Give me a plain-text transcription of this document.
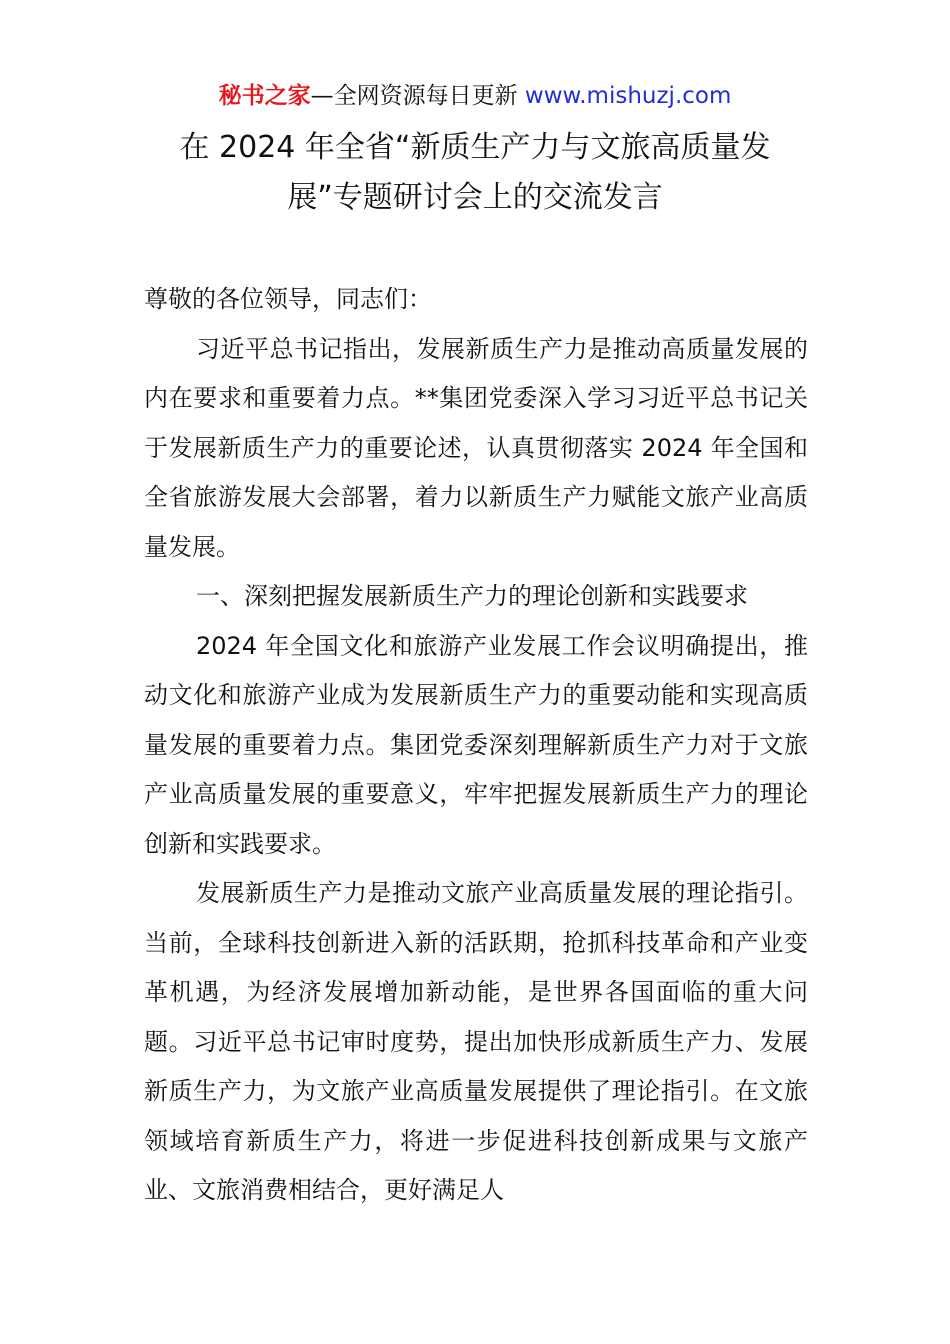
秘书之家—全网资源每日更新 www.mishuzj.com
在 2024 年全省“新质生产力与文旅高质量发
展”专题研讨会上的交流发言

尊敬的各位领导，同志们：

习近平总书记指出，发展新质生产力是推动高质量发展的内在要求和重要着力点。**集团党委深入学习习近平总书记关于发展新质生产力的重要论述，认真贯彻落实 2024 年全国和全省旅游发展大会部署，着力以新质生产力赋能文旅产业高质量发展。

一、深刻把握发展新质生产力的理论创新和实践要求

2024 年全国文化和旅游产业发展工作会议明确提出，推动文化和旅游产业成为发展新质生产力的重要动能和实现高质量发展的重要着力点。集团党委深刻理解新质生产力对于文旅产业高质量发展的重要意义，牢牢把握发展新质生产力的理论创新和实践要求。

发展新质生产力是推动文旅产业高质量发展的理论指引。当前，全球科技创新进入新的活跃期，抢抓科技革命和产业变革机遇，为经济发展增加新动能，是世界各国面临的重大问题。习近平总书记审时度势，提出加快形成新质生产力、发展新质生产力，为文旅产业高质量发展提供了理论指引。在文旅领域培育新质生产力，将进一步促进科技创新成果与文旅产业、文旅消费相结合，更好满足人
